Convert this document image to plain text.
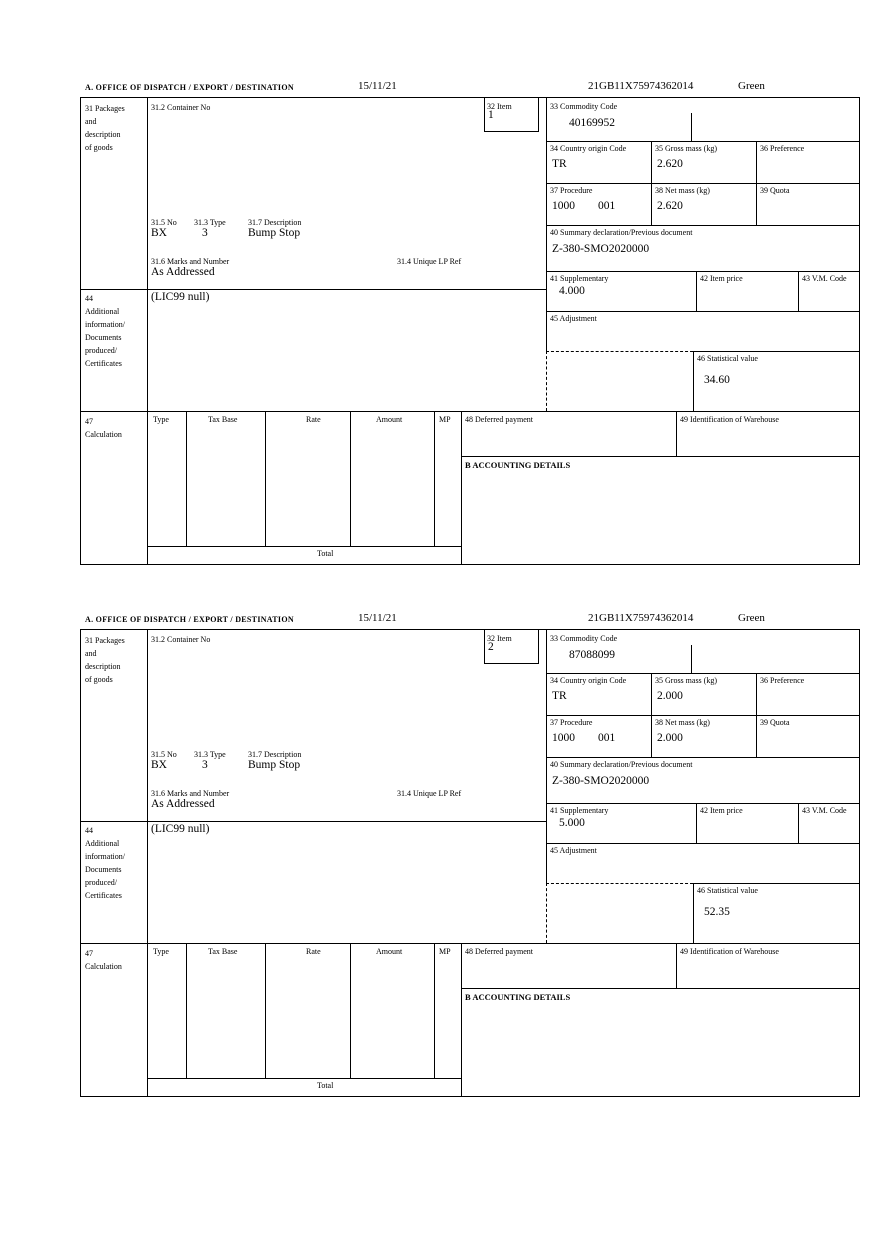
A. OFFICE OF DISPATCH / EXPORT / DESTINATION	15/11/21	21GB11X75974362014	Green
31 Packages
and
description
of goods
44
Additional
information/
Documents
produced/
Certificates
47
Calculation
31.2 Container No	32 Item
1
31.5 No 31.3 Type	31.7 Description
BX	3	Bump Stop
31.6 Marks and Number	31.4 Unique LP Ref
As Addressed
(LIC99 null)
33 Commodity Code
40169952
34 Country origin Code
TR
35 Gross mass (kg)
2.620
36 Preference
37 Procedure
1000 001
38 Net mass (kg)
2.620
39 Quota
40 Summary declaration/Previous document
Z-380-SMO2020000
41 Supplementary
4.000
42 Item price	43 V.M. Code
45 Adjustment
46 Statistical value
34.60
Type	Tax Base	Rate	Amount	MP
Total
48 Deferred payment	49 Identification of Warehouse
B ACCOUNTING DETAILS
A. OFFICE OF DISPATCH / EXPORT / DESTINATION	15/11/21	21GB11X75974362014	Green
31 Packages
and
description
of goods
44
Additional
information/
Documents
produced/
Certificates
47
Calculation
31.2 Container No	32 Item
2
31.5 No 31.3 Type	31.7 Description
BX	3	Bump Stop
31.6 Marks and Number	31.4 Unique LP Ref
As Addressed
(LIC99 null)
33 Commodity Code
87088099
34 Country origin Code
TR
35 Gross mass (kg)
2.000
36 Preference
37 Procedure
1000 001
38 Net mass (kg)
2.000
39 Quota
40 Summary declaration/Previous document
Z-380-SMO2020000
41 Supplementary
5.000
42 Item price	43 V.M. Code
45 Adjustment
46 Statistical value
52.35
Type	Tax Base	Rate	Amount	MP
Total
48 Deferred payment	49 Identification of Warehouse
B ACCOUNTING DETAILS
